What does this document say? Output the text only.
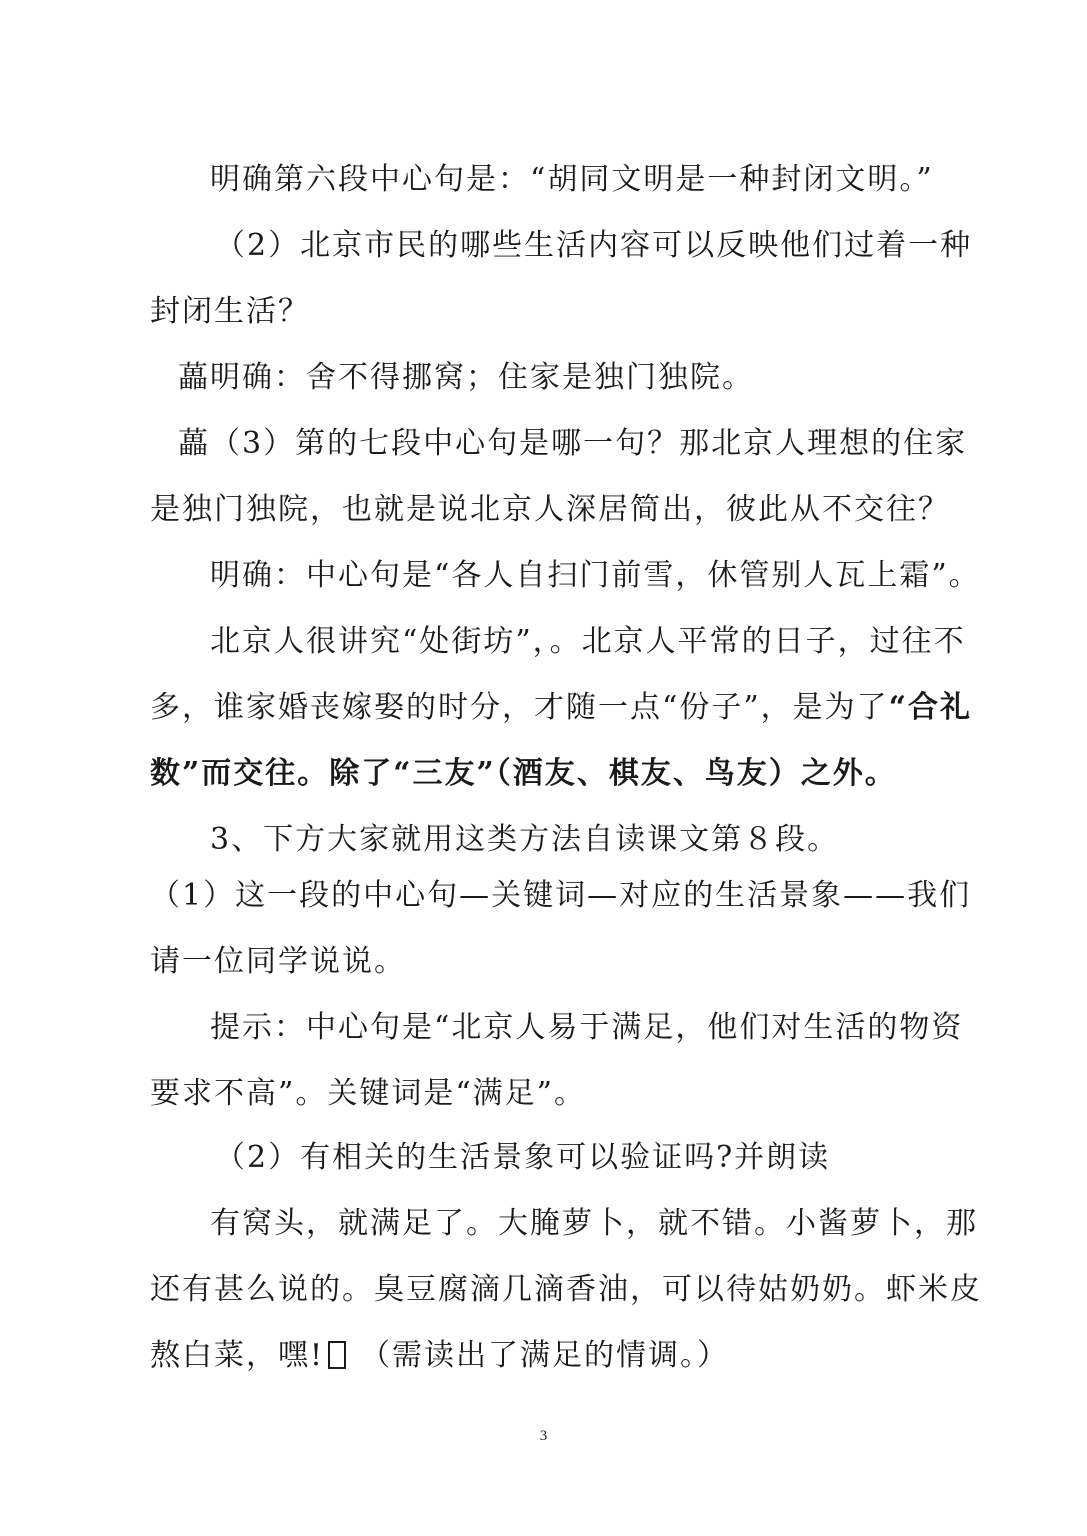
明确第六段中心句是：“胡同文明是一种封闭文明。”
（2）北京市民的哪些生活内容可以反映他们过着一种
封闭生活？
藟明确：舍不得挪窝；住家是独门独院。
藟（3）第的七段中心句是哪一句？那北京人理想的住家
是独门独院，也就是说北京人深居简出，彼此从不交往？
明确：中心句是“各人自扫门前雪，休管别人瓦上霜”。
北京人很讲究“处街坊”，。北京人平常的日子，过往不
多，谁家婚丧嫁娶的时分，才随一点“份子”，是为了“合礼
数”而交往。除了“三友”（酒友、棋友、鸟友）之外。
3、下方大家就用这类方法自读课文第８段。
（1）这一段的中心句—关键词—对应的生活景象——我们
请一位同学说说。
提示：中心句是“北京人易于满足，他们对生活的物资
要求不高”。关键词是“满足”。
（2）有相关的生活景象可以验证吗?并朗读
有窝头，就满足了。大腌萝卜，就不错。小酱萝卜，那
还有甚么说的。臭豆腐滴几滴香油，可以待姑奶奶。虾米皮
熬白菜，嘿! （需读出了满足的情调。）
3
